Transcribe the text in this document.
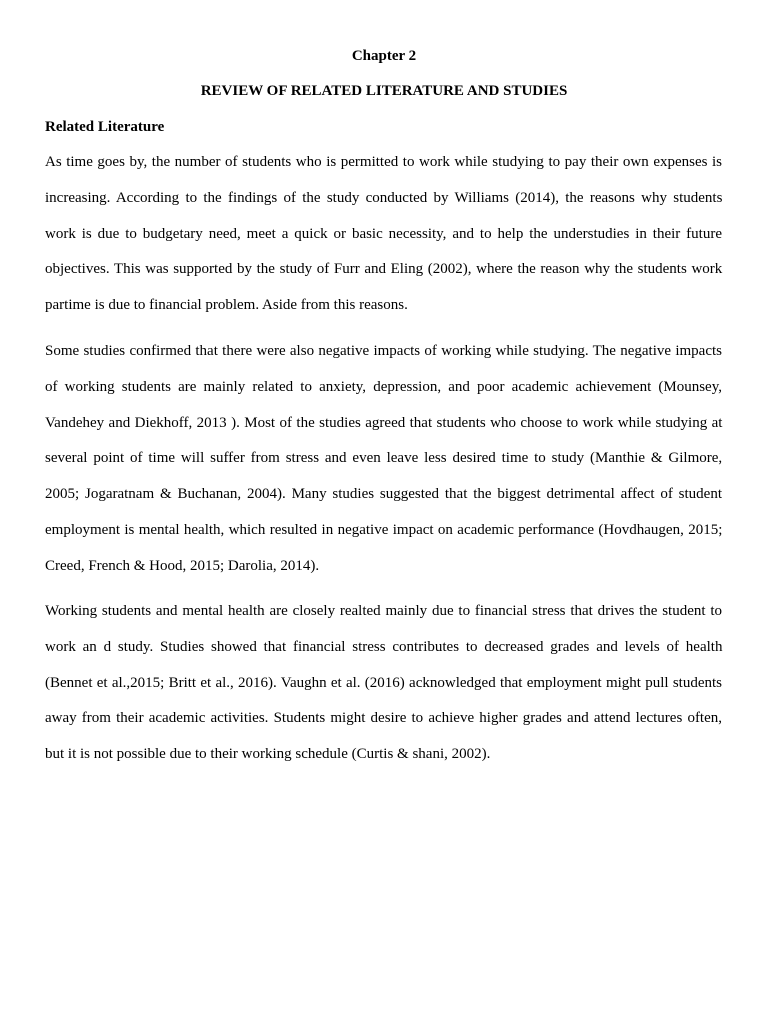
Chapter 2
REVIEW OF RELATED LITERATURE AND STUDIES
Related Literature
As time goes by, the number of students who is permitted to work while studying to pay their own expenses is
increasing. According to the findings of the study conducted by Williams (2014), the reasons why students
work is due to budgetary need, meet a quick or basic necessity, and to help the understudies in their future
objectives. This was supported by the study of Furr and Eling (2002), where the reason why the students work
partime is due to financial problem. Aside from this reasons.
Some studies confirmed that there were also negative impacts of working while studying. The negative impacts
of working students are mainly related to anxiety, depression, and poor academic achievement (Mounsey,
Vandehey and Diekhoff, 2013 ). Most of the studies agreed that students who choose to work while studying at
several point of time will suffer from stress and even leave less desired time to study (Manthie & Gilmore,
2005; Jogaratnam & Buchanan, 2004). Many studies suggested that the biggest detrimental affect of student
employment is mental health, which resulted in negative impact on academic performance (Hovdhaugen, 2015;
Creed, French & Hood, 2015; Darolia, 2014).
Working students and mental health are closely realted mainly due to financial stress that drives the student to
work an d study. Studies showed that financial stress contributes to decreased grades and levels of health
(Bennet et al.,2015; Britt et al., 2016). Vaughn et al. (2016) acknowledged that employment might pull students
away from their academic activities. Students might desire to achieve higher grades and attend lectures often,
but it is not possible due to their working schedule (Curtis & shani, 2002).
